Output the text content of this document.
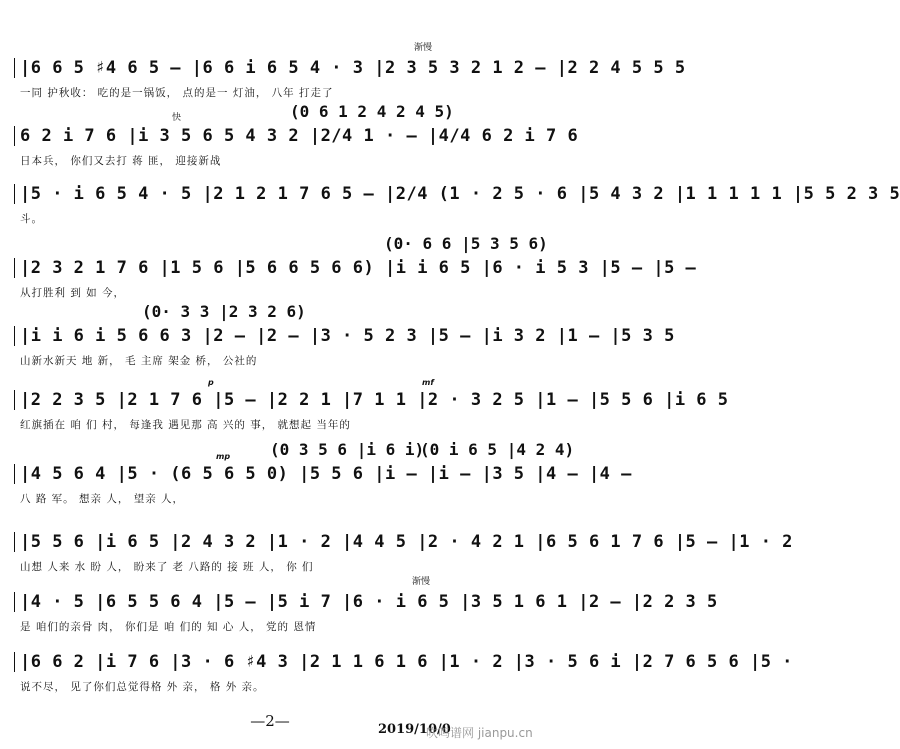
渐慢
|6 6 5 ♯4 6 5 — |6 6 i 6 5 4 · 3 |2 3 5 3 2 1 2 — |2 2 4 5 5 5
一同 护秋收： 吃的是一锅饭， 点的是一 灯油， 八年 打走了
快	(0 6 1 2 4 2 4 5)
6 2 i 7 6 |i 3 5 6 5 4 3 2 |2/4 1 · — |4/4 6 2 i 7 6
日本兵， 你们又去打 蒋 匪， 迎接新战
|5 · i 6 5 4 · 5 |2 1 2 1 7 6 5 — |2/4 (1 · 2 5 · 6 |5 4 3 2 |1 1 1 1 1 |5 5 2 3 5
斗。
(0· 6 6 |5 3 5 6)
|2 3 2 1 7 6 |1 5 6 |5 6 6 5 6 6) |i i 6 5 |6 · i 5 3 |5 — |5 —
从打胜利 到 如 今，
(0· 3 3 |2 3 2 6)
|i i 6 i 5 6 6 3 |2 — |2 — |3 · 5 2 3 |5 — |i 3 2 |1 — |5 3 5
山新水新天 地 新， 毛 主席 架金 桥， 公社的
p	mf
|2 2 3 5 |2 1 7 6 |5 — |2 2 1 |7 1 1 |2 · 3 2 5 |1 — |5 5 6 |i 6 5
红旗插在 咱 们 村， 每逢我 遇见那 高 兴的 事， 就想起 当年的
mp (0 3 5 6 |i 6 i)
(0 i 6 5 |4 2 4)
|4 5 6 4 |5 · (6 5 6 5 0) |5 5 6 |i — |i — |3 5 |4 — |4 —
八 路 军。 想亲 人， 望亲 人，
|5 5 6 |i 6 5 |2 4 3 2 |1 · 2 |4 4 5 |2 · 4 2 1 |6 5 6 1 7 6 |5 — |1 · 2
山想 人来 水 盼 人， 盼来了 老 八路的 接 班 人， 你 们
渐慢
|4 · 5 |6 5 5 6 4 |5 — |5 i 7 |6 · i 6 5 |3 5 1 6 1 |2 — |2 2 3 5
是 咱们的亲骨 肉， 你们是 咱 们的 知 心 人， 党的 恩情
|6 6 2 |i 7 6 |3 · 6 ♯4 3 |2 1 1 6 1 6 |1 · 2 |3 · 5 6 i |2 7 6 5 6 |5 ·
说不尽， 见了你们总觉得格 外 亲， 格 外 亲。
—2—	2019/10/0
吹鸣谱网 jianpu.cn
